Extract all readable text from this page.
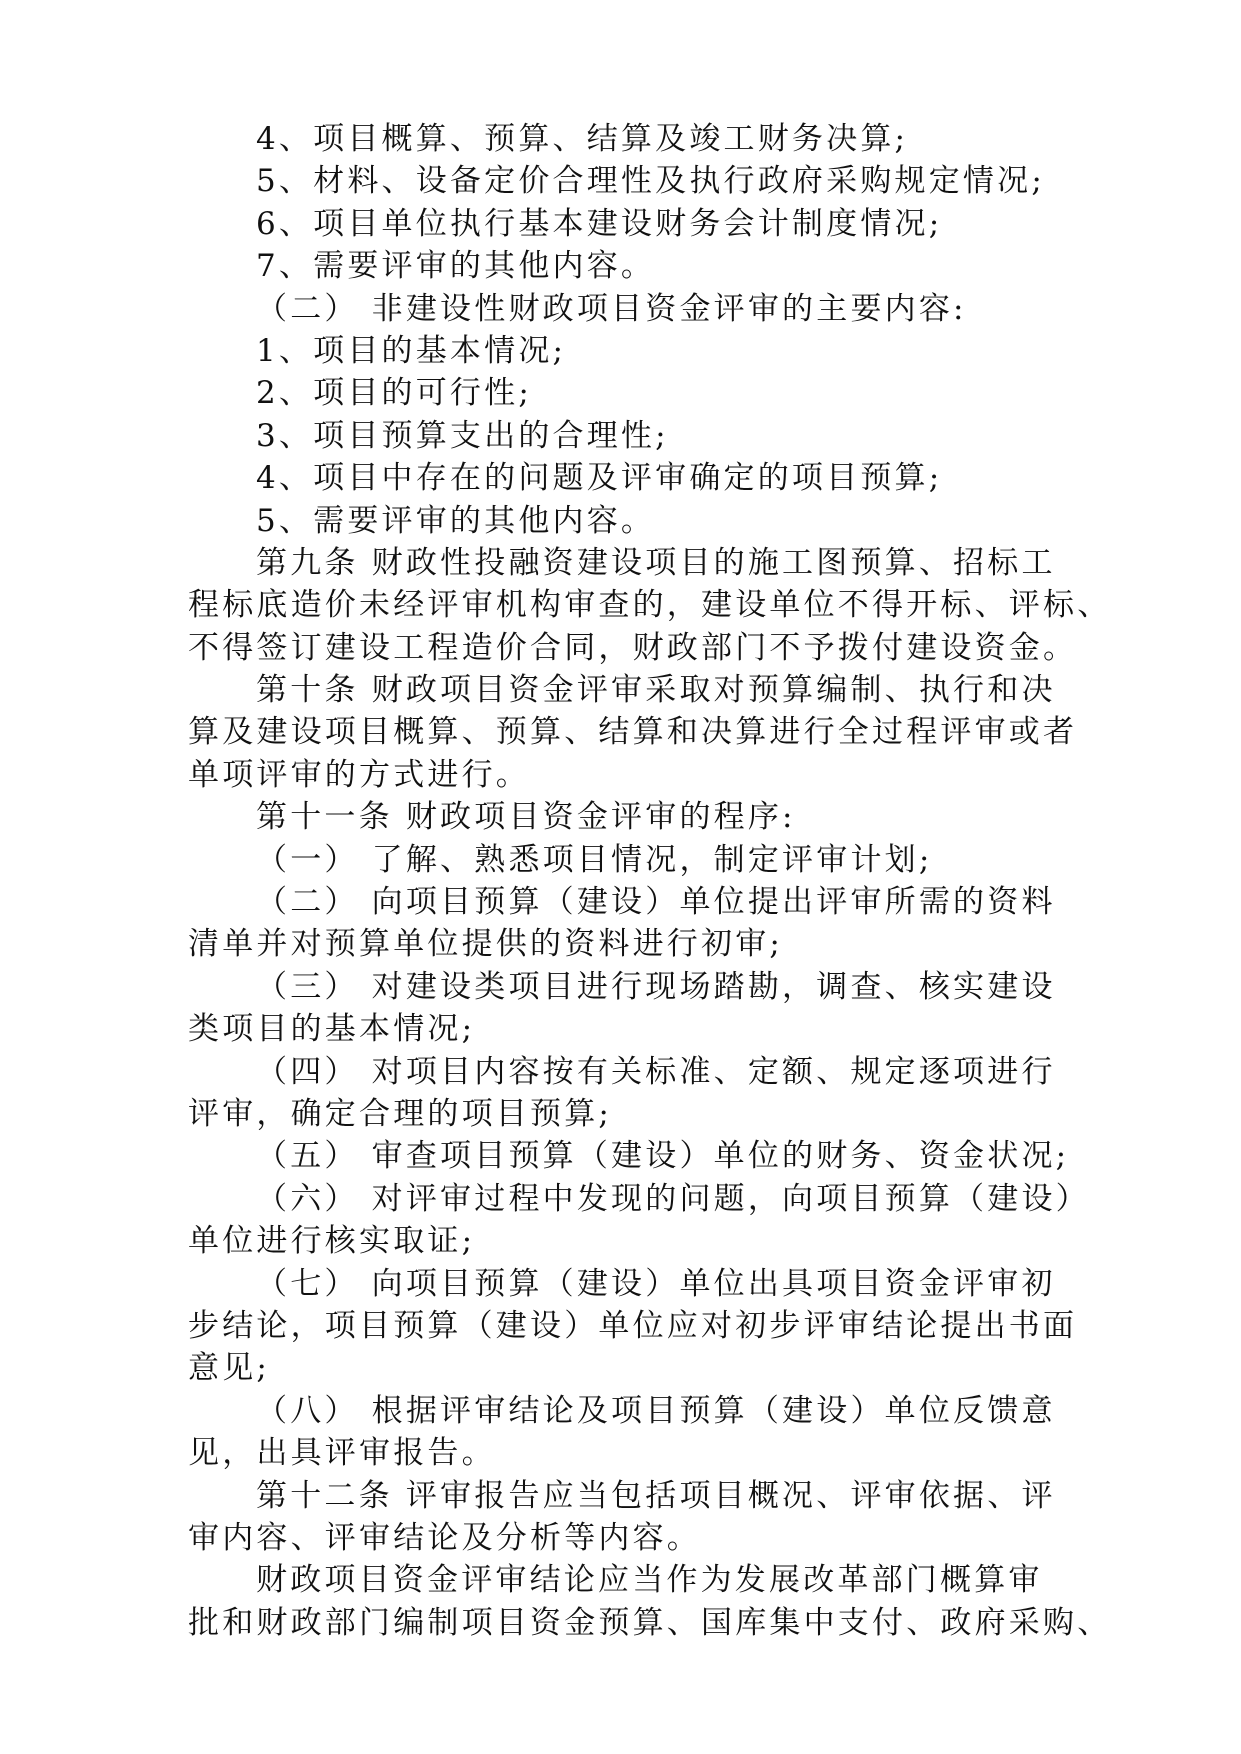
4、项目概算、预算、结算及竣工财务决算;
5、材料、设备定价合理性及执行政府采购规定情况;
6、项目单位执行基本建设财务会计制度情况;
7、需要评审的其他内容。
（二） 非建设性财政项目资金评审的主要内容:
1、项目的基本情况;
2、项目的可行性;
3、项目预算支出的合理性;
4、项目中存在的问题及评审确定的项目预算;
5、需要评审的其他内容。
第九条 财政性投融资建设项目的施工图预算、招标工
程标底造价未经评审机构审查的，建设单位不得开标、评标、
不得签订建设工程造价合同，财政部门不予拨付建设资金。
第十条 财政项目资金评审采取对预算编制、执行和决
算及建设项目概算、预算、结算和决算进行全过程评审或者
单项评审的方式进行。
第十一条 财政项目资金评审的程序:
（一） 了解、熟悉项目情况，制定评审计划;
（二） 向项目预算（建设）单位提出评审所需的资料
清单并对预算单位提供的资料进行初审;
（三） 对建设类项目进行现场踏勘，调查、核实建设
类项目的基本情况;
（四） 对项目内容按有关标准、定额、规定逐项进行
评审，确定合理的项目预算;
（五） 审查项目预算（建设）单位的财务、资金状况;
（六） 对评审过程中发现的问题，向项目预算（建设）
单位进行核实取证;
（七） 向项目预算（建设）单位出具项目资金评审初
步结论，项目预算（建设）单位应对初步评审结论提出书面
意见;
（八） 根据评审结论及项目预算（建设）单位反馈意
见，出具评审报告。
第十二条 评审报告应当包括项目概况、评审依据、评
审内容、评审结论及分析等内容。
财政项目资金评审结论应当作为发展改革部门概算审
批和财政部门编制项目资金预算、国库集中支付、政府采购、
